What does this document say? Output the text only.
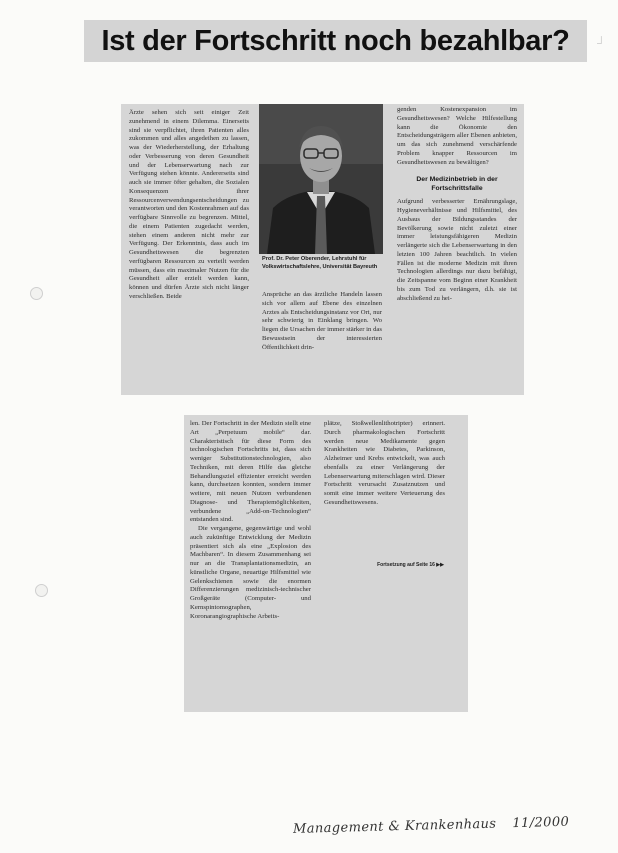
┘
Ist der Fortschritt noch bezahlbar?

Ärzte sehen sich seit einiger Zeit zunehmend in einem Dilemma. Einerseits sind sie verpflichtet, ihren Patienten alles zukommen und alles angedeihen zu lassen, was der Wiederherstellung, der Erhaltung oder Verbesserung von deren Gesundheit und der Lebenserwartung nach zur Verfügung stehen könnte. Andererseits sind auch sie immer öfter gehalten, die Sozialen Konsequenzen ihrer Ressourcenverwendungsentscheidungen zu verantworten und den Kostenrahmen auf das verfügbare Sinnvolle zu begrenzen. Mittel, die einem Patienten zugedacht werden, stehen einem anderen nicht mehr zur Verfügung. Der Erkenntnis, dass auch im Gesundheitswesen die begrenzten verfügbaren Ressourcen zu verteilt werden müssen, dass ein maximaler Nutzen für die Gesundheit aller erzielt werden kann, können und dürfen Ärzte sich nicht länger verschließen. Beide

Prof. Dr. Peter Oberender, Lehrstuhl für Volkswirtschaftslehre, Universität Bayreuth

Ansprüche an das ärztliche Handeln lassen sich vor allem auf Ebene des einzelnen Arztes als Entscheidungsinstanz vor Ort, nur sehr schwierig in Einklang bringen. Wo liegen die Ursachen der immer stärker in das Bewusstsein der interessierten Öffentlichkeit drin-

genden Kostenexpansion im Gesundheitswesen? Welche Hilfestellung kann die Ökonomie den Entscheidungsträgern aller Ebenen anbieten, um das sich zunehmend verschärfende Problem knapper Ressourcen im Gesundheitswesen zu bewältigen?

Der Medizinbetrieb in der Fortschrittsfalle

Aufgrund verbesserter Ernährungslage, Hygieneverhältnisse und Hilfsmittel, des Ausbaus der Bildungsstandes der Bevölkerung sowie nicht zuletzt einer immer leistungsfähigeren Medizin verlängerte sich die Lebenserwartung in den letzten 100 Jahren beachtlich. In vielen Fällen ist die moderne Medizin mit ihren Technologien allerdings nur dazu befähigt, die Zeitspanne vom Beginn einer Krankheit bis zum Tod zu verlängern, d.h. sie ist abschließend zu hei-

len. Der Fortschritt in der Medizin stellt eine Art „Perpetuum mobile“ dar. Charakteristisch für diese Form des technologischen Fortschritts ist, dass sich weniger Substitutionstechnologien, also Techniken, mit deren Hilfe das gleiche Behandlungsziel effizienter erreicht werden kann, durchsetzen konnten, sondern immer weitere, mit neuen Nutzen verbundenen Diagnose- und Therapiemöglichkeiten, verbundene „Add-on-Technologien“ entstanden sind.

Die vergangene, gegenwärtige und wohl auch zukünftige Entwicklung der Medizin präsentiert sich als eine „Explosion des Machbaren“. In diesem Zusammenhang sei nur an die Transplantationsmedizin, an künstliche Organe, neuartige Hilfsmittel wie Gelenkschienen sowie die enormen Differenzierungen medizinisch-technischer Großgeräte (Computer- und Kernspintomographen, Koronarangiographische Arbeits-

plätze, Stoßwellenlithotripter) erinnert. Durch pharmakologischen Fortschritt werden neue Medikamente gegen Krankheiten wie Diabetes, Parkinson, Alzheimer und Krebs entwickelt, was auch ebenfalls zu einer Verlängerung der Lebenserwartung miterschlagen wird. Dieser Fortschritt verursacht Zusatznutzen und somit eine immer weitere Verteuerung des Gesundheitswesens.

Fortsetzung auf Seite 16 ▶▶
Management & Krankenhaus 11/2000
